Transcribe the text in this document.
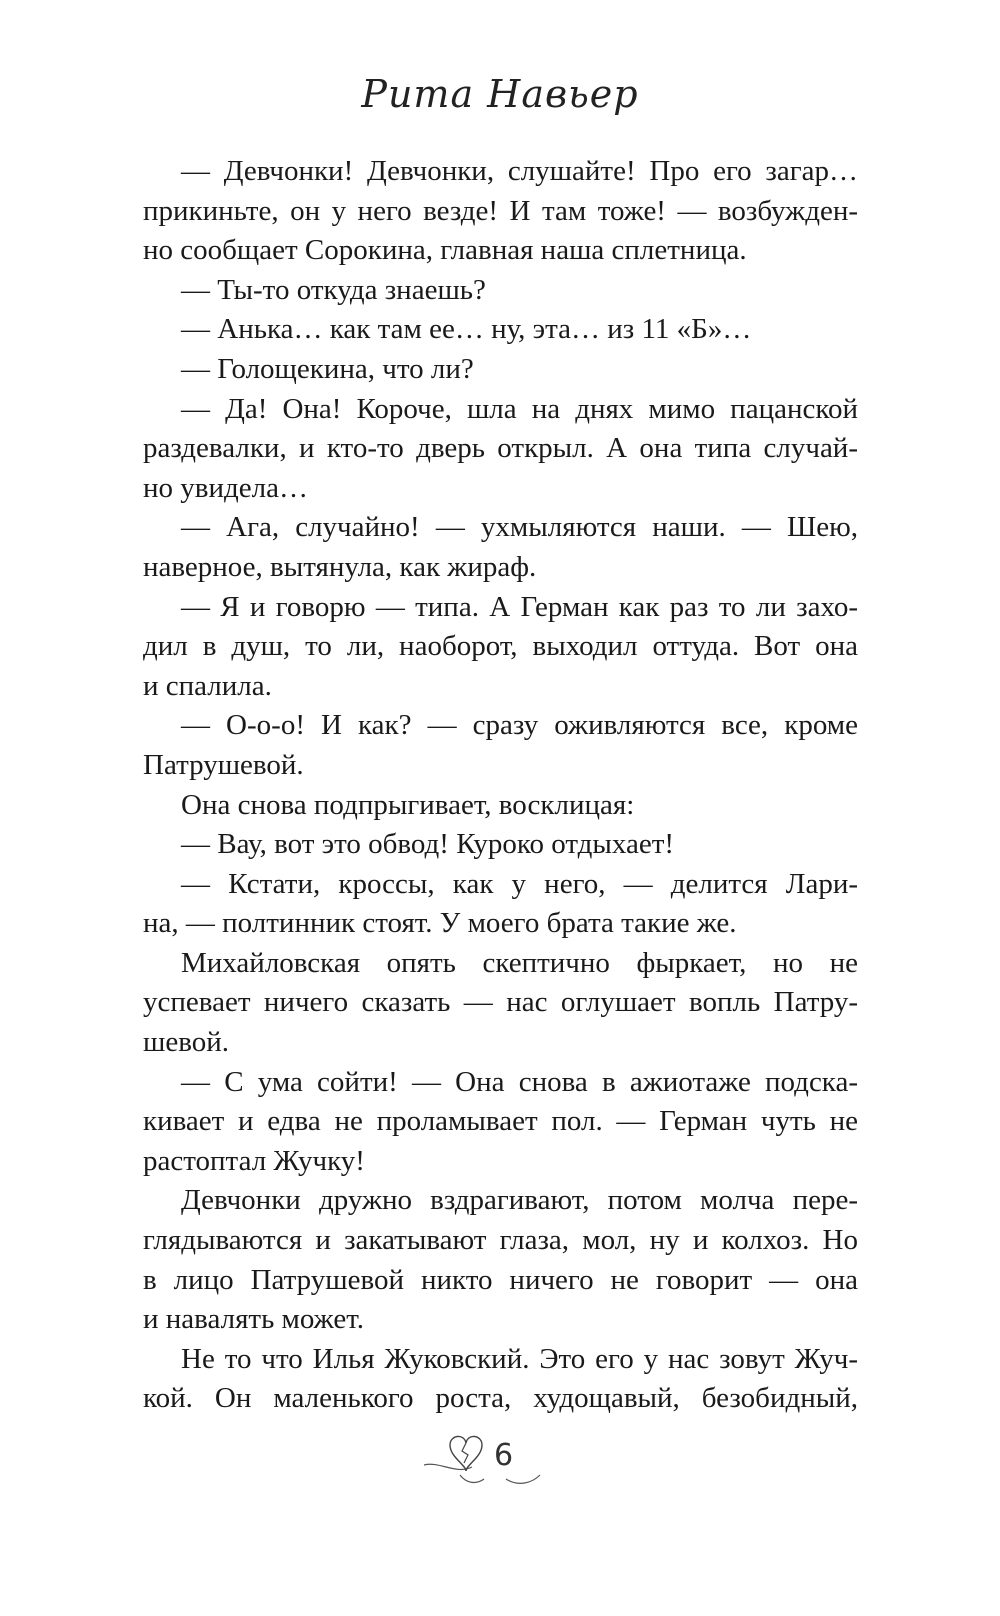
Рита Навьер
— Девчонки! Девчонки, слушайте! Про его загар…
прикиньте, он у него везде! И там тоже! — возбужден-
но сообщает Сорокина, главная наша сплетница.
— Ты-то откуда знаешь?
— Анька… как там ее… ну, эта… из 11 «Б»…
— Голощекина, что ли?
— Да! Она! Короче, шла на днях мимо пацанской
раздевалки, и кто-то дверь открыл. А она типа случай-
но увидела…
— Ага, случайно! — ухмыляются наши. — Шею,
наверное, вытянула, как жираф.
— Я и говорю — типа. А Герман как раз то ли захо-
дил в душ, то ли, наоборот, выходил оттуда. Вот она
и спалила.
— О-о-о! И как? — сразу оживляются все, кроме
Патрушевой.
Она снова подпрыгивает, восклицая:
— Вау, вот это обвод! Куроко отдыхает!
— Кстати, кроссы, как у него, — делится Лари-
на, — полтинник стоят. У моего брата такие же.
Михайловская опять скептично фыркает, но не
успевает ничего сказать — нас оглушает вопль Патру-
шевой.
— С ума сойти! — Она снова в ажиотаже подска-
кивает и едва не проламывает пол. — Герман чуть не
растоптал Жучку!
Девчонки дружно вздрагивают, потом молча пере-
глядываются и закатывают глаза, мол, ну и колхоз. Но
в лицо Патрушевой никто ничего не говорит — она
и навалять может.
Не то что Илья Жуковский. Это его у нас зовут Жуч-
кой. Он маленького роста, худощавый, безобидный,
6
